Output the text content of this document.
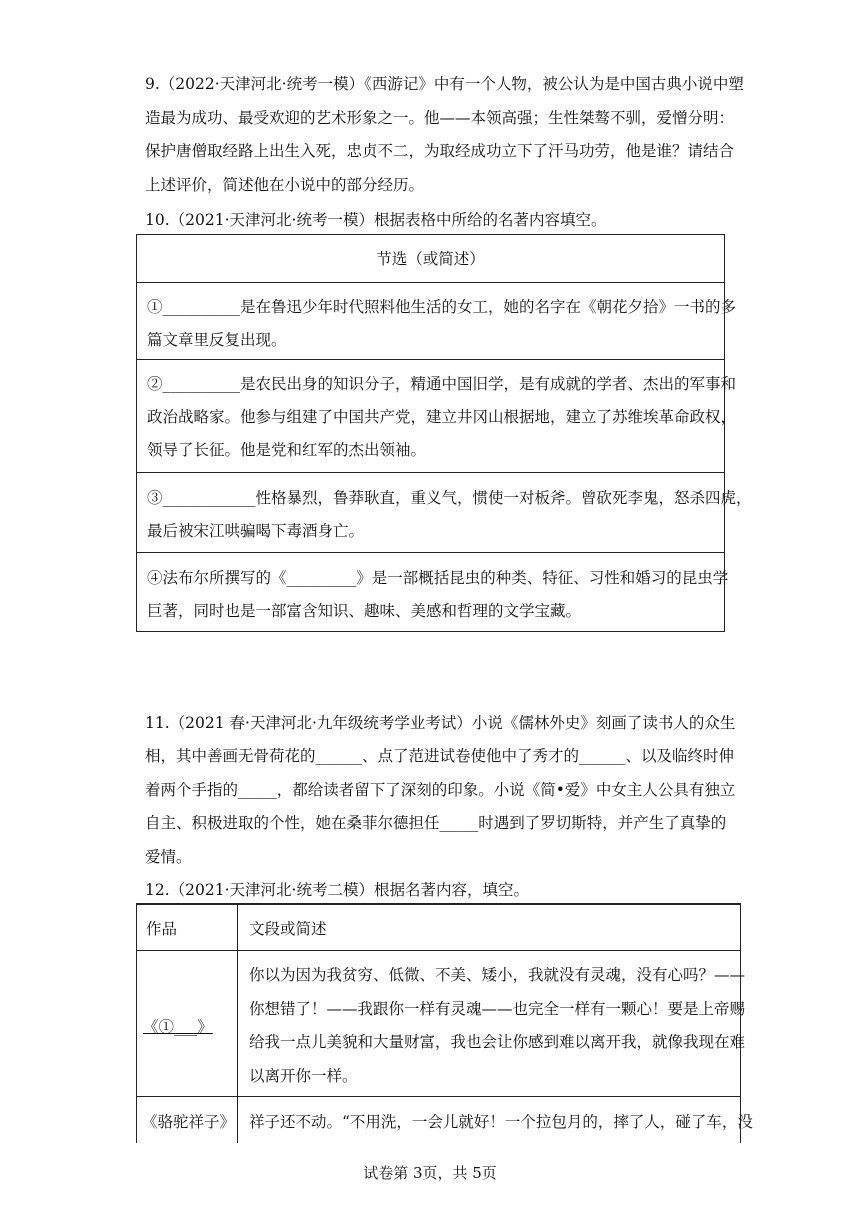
9.（2022·天津河北·统考一模）《西游记》中有一个人物，被公认为是中国古典小说中塑
造最为成功、最受欢迎的艺术形象之一。他——本领高强；生性桀骜不驯，爱憎分明：
保护唐僧取经路上出生入死，忠贞不二，为取经成功立下了汗马功劳，他是谁？请结合
上述评价，简述他在小说中的部分经历。
10.（2021·天津河北·统考一模）根据表格中所给的名著内容填空。
节选（或简述）
①__________是在鲁迅少年时代照料他生活的女工，她的名字在《朝花夕拾》一书的多
篇文章里反复出现。
②__________是农民出身的知识分子，精通中国旧学，是有成就的学者、杰出的军事和
政治战略家。他参与组建了中国共产党，建立井冈山根据地，建立了苏维埃革命政权，
领导了长征。他是党和红军的杰出领袖。
③____________性格暴烈，鲁莽耿直，重义气，惯使一对板斧。曾砍死李鬼，怒杀四虎，
最后被宋江哄骗喝下毒酒身亡。
④法布尔所撰写的《_________》是一部概括昆虫的种类、特征、习性和婚习的昆虫学
巨著，同时也是一部富含知识、趣味、美感和哲理的文学宝藏。
11.（2021 春·天津河北·九年级统考学业考试）小说《儒林外史》刻画了读书人的众生
相，其中善画无骨荷花的______、点了范进试卷使他中了秀才的______、以及临终时伸
着两个手指的_____，都给读者留下了深刻的印象。小说《简•爱》中女主人公具有独立
自主、积极进取的个性，她在桑菲尔德担任_____时遇到了罗切斯特，并产生了真挚的
爱情。
12.（2021·天津河北·统考二模）根据名著内容，填空。
作品	文段或简述
《①___》
你以为因为我贫穷、低微、不美、矮小，我就没有灵魂，没有心吗？——
你想错了！——我跟你一样有灵魂——也完全一样有一颗心！要是上帝赐
给我一点儿美貌和大量财富，我也会让你感到难以离开我，就像我现在难
以离开你一样。
《骆驼祥子》 祥子还不动。“不用洗，一会儿就好！一个拉包月的，摔了人，碰了车，没
试卷第 3页，共 5页
